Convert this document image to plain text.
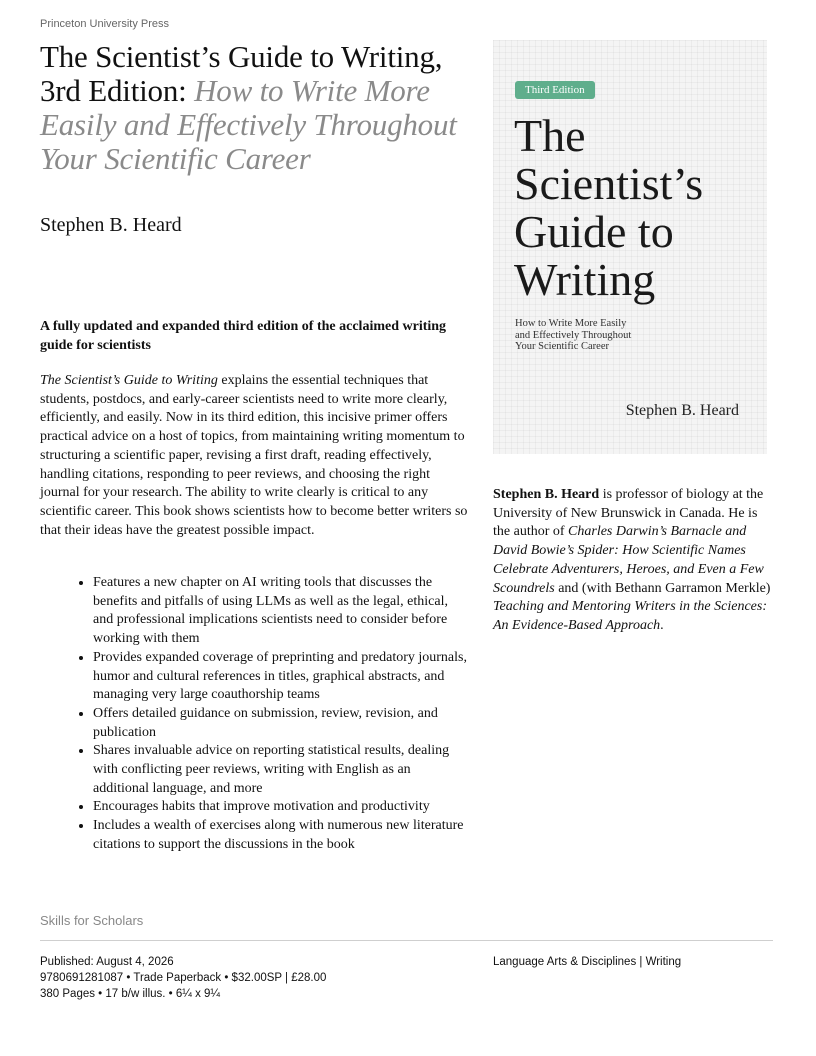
Princeton University Press
The Scientist’s Guide to Writing, 3rd Edition: How to Write More Easily and Effectively Throughout Your Scientific Career
Stephen B. Heard
A fully updated and expanded third edition of the acclaimed writing guide for scientists

The Scientist’s Guide to Writing explains the essential techniques that students, postdocs, and early-career scientists need to write more clearly, efficiently, and easily. Now in its third edition, this incisive primer offers practical advice on a host of topics, from maintaining writing momentum to structuring a scientific paper, revising a first draft, reading effectively, handling citations, responding to peer reviews, and choosing the right journal for your research. The ability to write clearly is critical to any scientific career. This book shows scientists how to become better writers so that their ideas have the greatest possible impact.

• Features a new chapter on AI writing tools that discusses the benefits and pitfalls of using LLMs as well as the legal, ethical, and professional implications scientists need to consider before working with them
• Provides expanded coverage of preprinting and predatory journals, humor and cultural references in titles, graphical abstracts, and managing very large coauthorship teams
• Offers detailed guidance on submission, review, revision, and publication
• Shares invaluable advice on reporting statistical results, dealing with conflicting peer reviews, writing with English as an additional language, and more
• Encourages habits that improve motivation and productivity
• Includes a wealth of exercises along with numerous new literature citations to support the discussions in the book
Third Edition
The
Scientist’s
Guide to
Writing
How to Write More Easily
and Effectively Throughout
Your Scientific Career
Stephen B. Heard

Stephen B. Heard is professor of biology at the University of New Brunswick in Canada. He is the author of Charles Darwin’s Barnacle and David Bowie’s Spider: How Scientific Names Celebrate Adventurers, Heroes, and Even a Few Scoundrels and (with Bethann Garramon Merkle) Teaching and Mentoring Writers in the Sciences: An Evidence-Based Approach.

Skills for Scholars
Published: August 4, 2026
9780691281087 • Trade Paperback • $32.00SP | £28.00
380 Pages • 17 b/w illus. • 6¼ x 9¼
Language Arts & Disciplines | Writing
